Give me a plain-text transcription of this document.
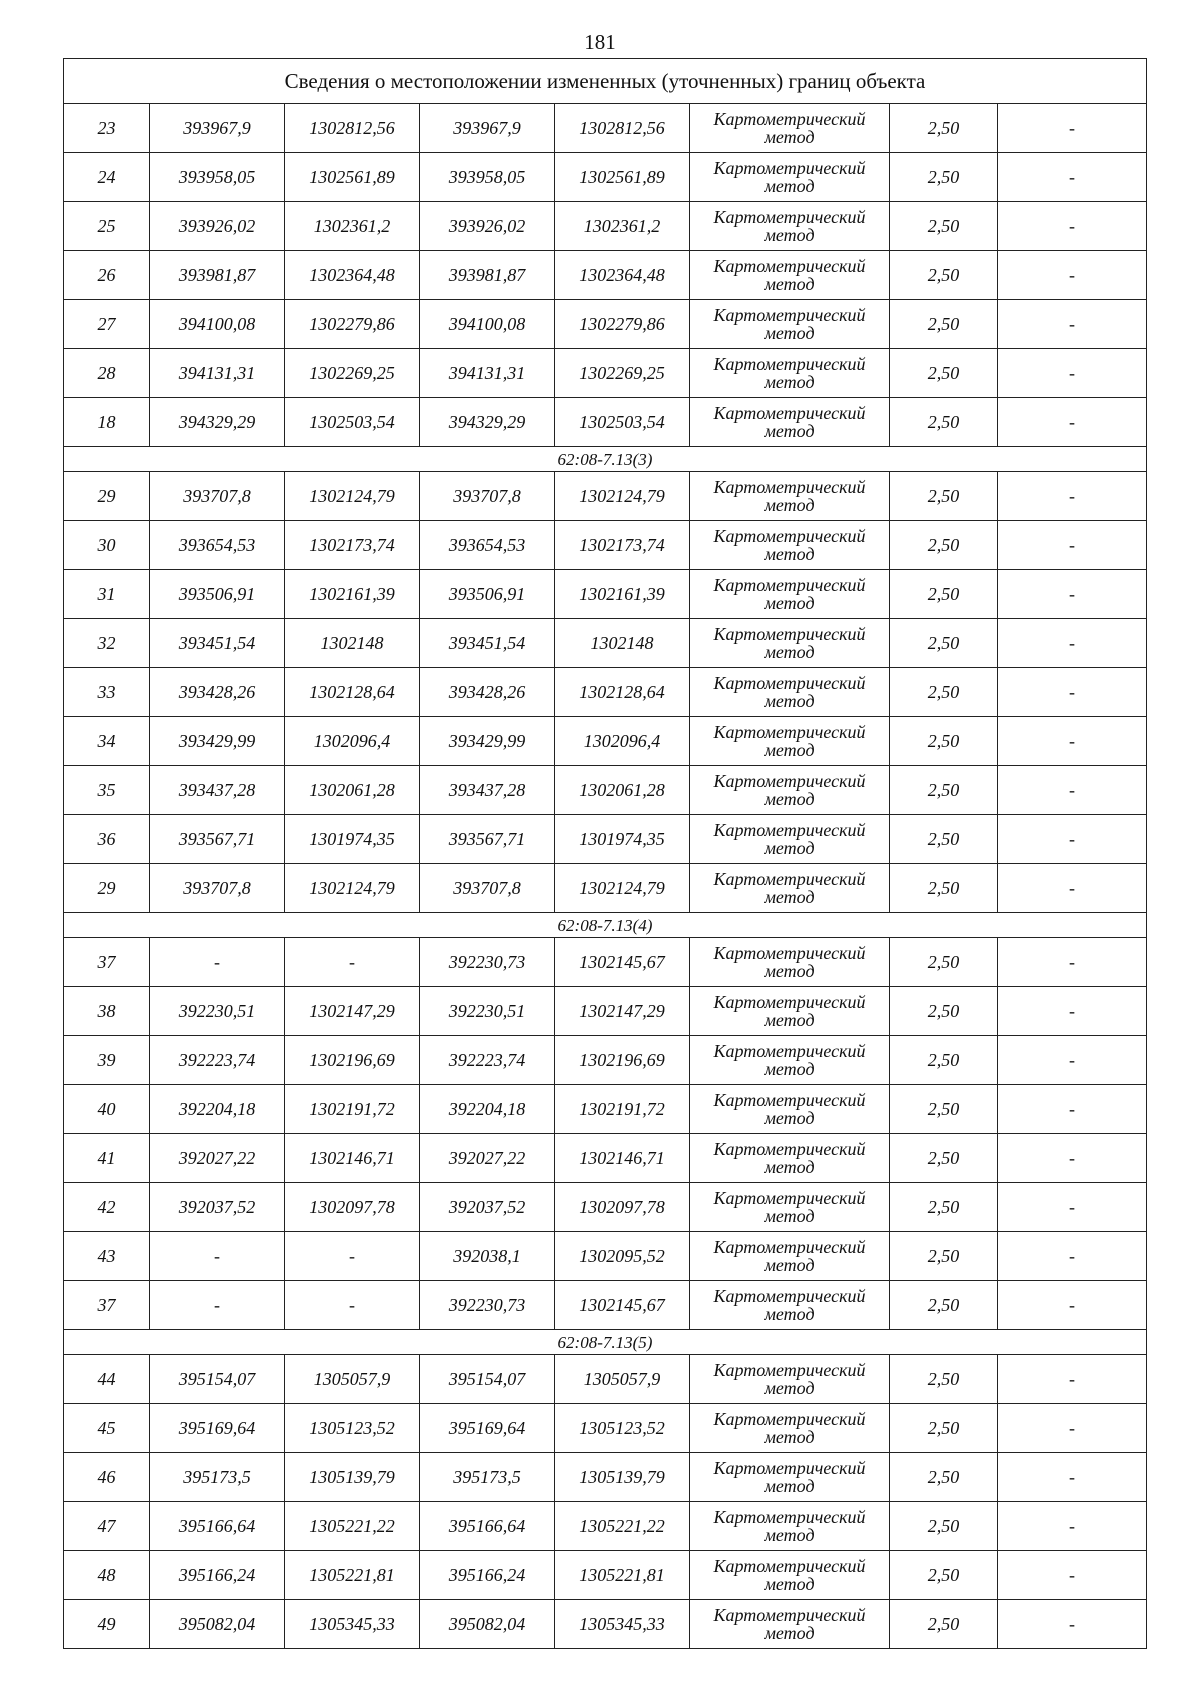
181
Сведения о местоположении измененных (уточненных) границ объекта							
23	393967,9	1302812,56	393967,9	1302812,56	Картометрический метод	2,50	-
24	393958,05	1302561,89	393958,05	1302561,89	Картометрический метод	2,50	-
25	393926,02	1302361,2	393926,02	1302361,2	Картометрический метод	2,50	-
26	393981,87	1302364,48	393981,87	1302364,48	Картометрический метод	2,50	-
27	394100,08	1302279,86	394100,08	1302279,86	Картометрический метод	2,50	-
28	394131,31	1302269,25	394131,31	1302269,25	Картометрический метод	2,50	-
18	394329,29	1302503,54	394329,29	1302503,54	Картометрический метод	2,50	-
62:08-7.13(3)							
29	393707,8	1302124,79	393707,8	1302124,79	Картометрический метод	2,50	-
30	393654,53	1302173,74	393654,53	1302173,74	Картометрический метод	2,50	-
31	393506,91	1302161,39	393506,91	1302161,39	Картометрический метод	2,50	-
32	393451,54	1302148	393451,54	1302148	Картометрический метод	2,50	-
33	393428,26	1302128,64	393428,26	1302128,64	Картометрический метод	2,50	-
34	393429,99	1302096,4	393429,99	1302096,4	Картометрический метод	2,50	-
35	393437,28	1302061,28	393437,28	1302061,28	Картометрический метод	2,50	-
36	393567,71	1301974,35	393567,71	1301974,35	Картометрический метод	2,50	-
29	393707,8	1302124,79	393707,8	1302124,79	Картометрический метод	2,50	-
62:08-7.13(4)							
37	-	-	392230,73	1302145,67	Картометрический метод	2,50	-
38	392230,51	1302147,29	392230,51	1302147,29	Картометрический метод	2,50	-
39	392223,74	1302196,69	392223,74	1302196,69	Картометрический метод	2,50	-
40	392204,18	1302191,72	392204,18	1302191,72	Картометрический метод	2,50	-
41	392027,22	1302146,71	392027,22	1302146,71	Картометрический метод	2,50	-
42	392037,52	1302097,78	392037,52	1302097,78	Картометрический метод	2,50	-
43	-	-	392038,1	1302095,52	Картометрический метод	2,50	-
37	-	-	392230,73	1302145,67	Картометрический метод	2,50	-
62:08-7.13(5)							
44	395154,07	1305057,9	395154,07	1305057,9	Картометрический метод	2,50	-
45	395169,64	1305123,52	395169,64	1305123,52	Картометрический метод	2,50	-
46	395173,5	1305139,79	395173,5	1305139,79	Картометрический метод	2,50	-
47	395166,64	1305221,22	395166,64	1305221,22	Картометрический метод	2,50	-
48	395166,24	1305221,81	395166,24	1305221,81	Картометрический метод	2,50	-
49	395082,04	1305345,33	395082,04	1305345,33	Картометрический метод	2,50	-
